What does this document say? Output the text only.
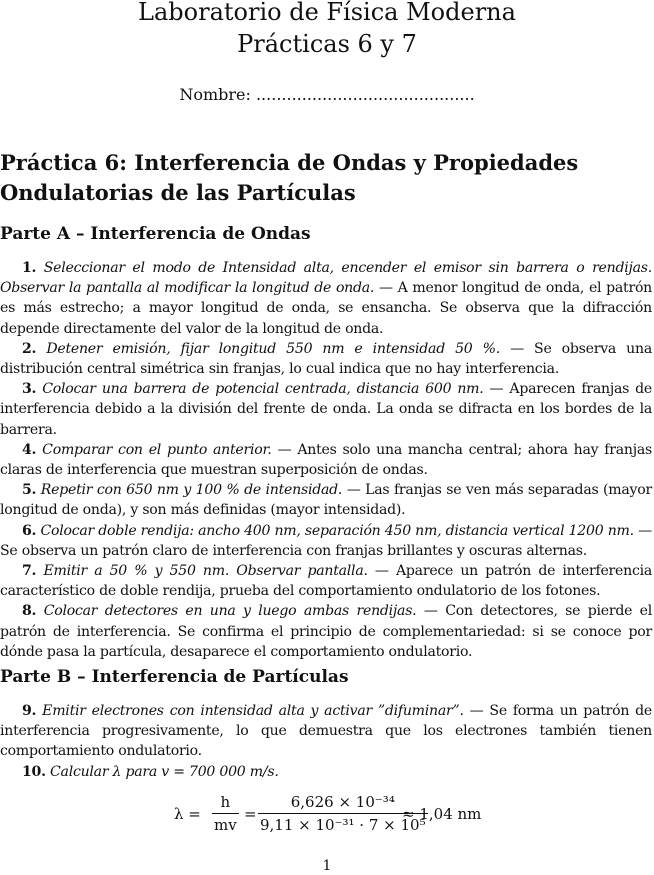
Laboratorio de Física Moderna
Prácticas 6 y 7
Nombre: ...........................................
Práctica 6: Interferencia de Ondas y Propiedades Ondulatorias de las Partículas
Parte A – Interferencia de Ondas

1. Seleccionar el modo de Intensidad alta, encender el emisor sin barrera o rendijas. Observar la pantalla al modificar la longitud de onda. — A menor longitud de onda, el patrón es más estrecho; a mayor longitud de onda, se ensancha. Se observa que la difracción depende directamente del valor de la longitud de onda.

2. Detener emisión, fijar longitud 550 nm e intensidad 50 %. — Se observa una distribución central simétrica sin franjas, lo cual indica que no hay interferencia.

3. Colocar una barrera de potencial centrada, distancia 600 nm. — Aparecen franjas de interferencia debido a la división del frente de onda. La onda se difracta en los bordes de la barrera.

4. Comparar con el punto anterior. — Antes solo una mancha central; ahora hay franjas claras de interferencia que muestran superposición de ondas.

5. Repetir con 650 nm y 100 % de intensidad. — Las franjas se ven más separadas (mayor longitud de onda), y son más definidas (mayor intensidad).

6. Colocar doble rendija: ancho 400 nm, separación 450 nm, distancia vertical 1200 nm. — Se observa un patrón claro de interferencia con franjas brillantes y oscuras alternas.

7. Emitir a 50 % y 550 nm. Observar pantalla. — Aparece un patrón de interferencia característico de doble rendija, prueba del comportamiento ondulatorio de los fotones.

8. Colocar detectores en una y luego ambas rendijas. — Con detectores, se pierde el patrón de interferencia. Se confirma el principio de complementariedad: si se conoce por dónde pasa la partícula, desaparece el comportamiento ondulatorio.

Parte B – Interferencia de Partículas

9. Emitir electrones con intensidad alta y activar ”difuminar”. — Se forma un patrón de interferencia progresivamente, lo que demuestra que los electrones también tienen comportamiento ondulatorio.

10. Calcular λ para v = 700 000 m/s.

λ =
h
mv
=
6,626 × 10⁻³⁴
9,11 × 10⁻³¹ · 7 × 10⁵
≈ 1,04 nm
1
